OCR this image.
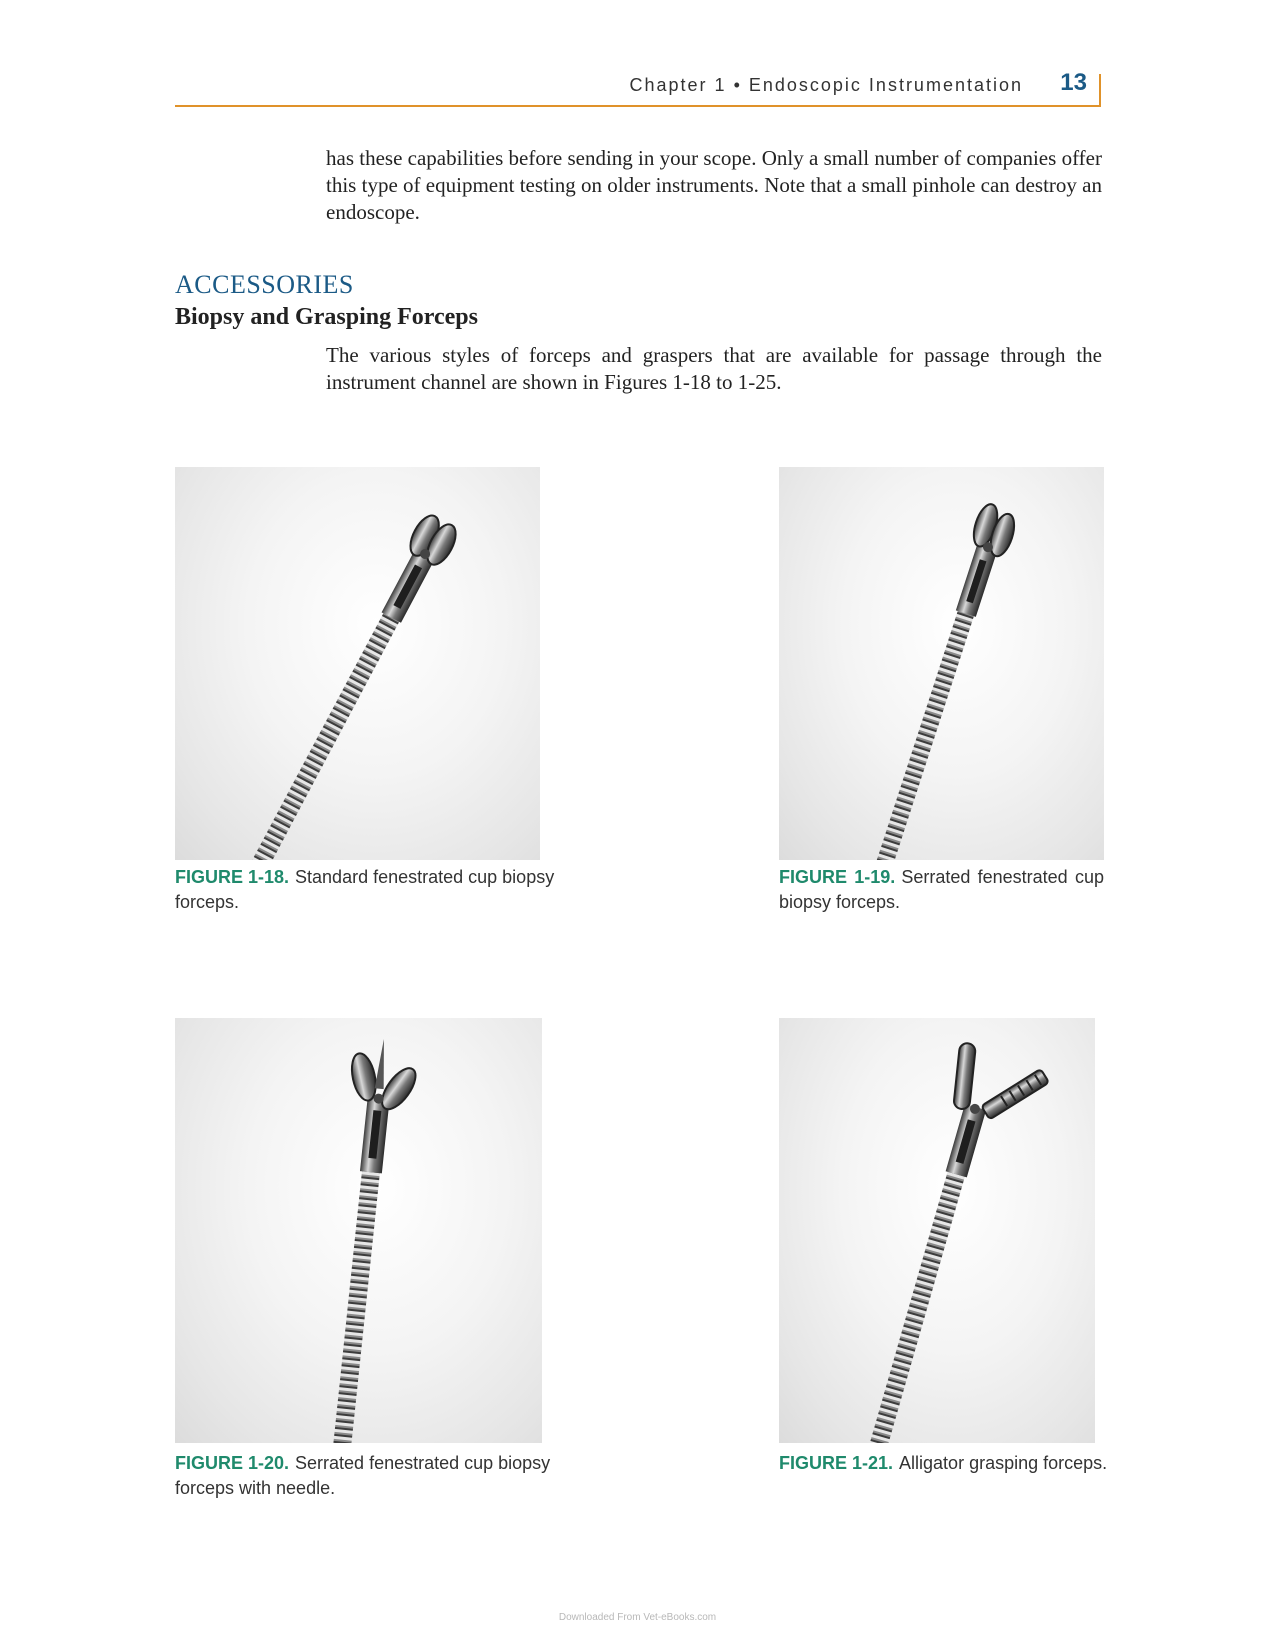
Chapter 1 • Endoscopic Instrumentation 13

has these capabilities before sending in your scope. Only a small number of companies offer this type of equipment testing on older instruments. Note that a small pinhole can destroy an endoscope.

ACCESSORIES
Biopsy and Grasping Forceps

The various styles of forceps and graspers that are available for passage through the instrument channel are shown in Figures 1-18 to 1-25.

FIGURE 1-18. Standard fenestrated cup biopsy forceps.
FIGURE 1-19. Serrated fenestrated cup biopsy forceps.
FIGURE 1-20. Serrated fenestrated cup biopsy forceps with needle.
FIGURE 1-21. Alligator grasping forceps.
Downloaded From Vet-eBooks.com
